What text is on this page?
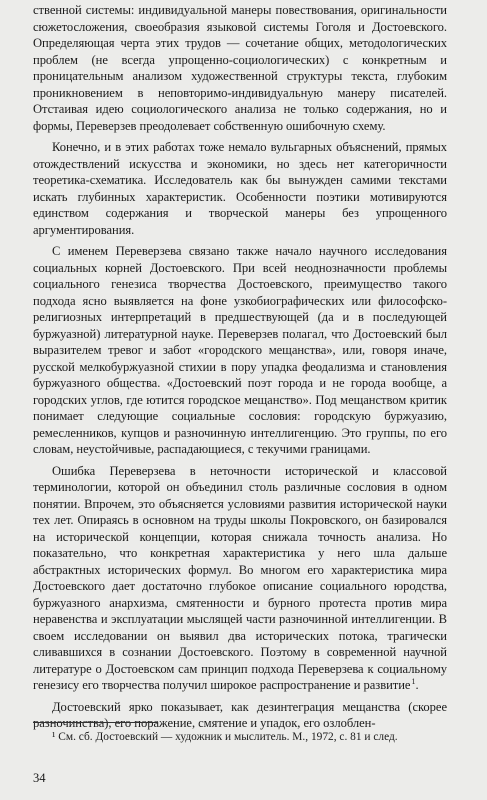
ственной системы: индивидуальной манеры повествования, оригинальности сюжетосложения, своеобразия языковой системы Гоголя и Достоевского. Определяющая черта этих трудов — сочетание общих, методологических проблем (не всегда упрощенно-социологических) с конкретным и проницательным анализом художественной структуры текста, глубоким проникновением в неповторимо-индивидуальную манеру писателей. Отстаивая идею социологического анализа не только содержания, но и формы, Переверзев преодолевает собственную ошибочную схему.

Конечно, и в этих работах тоже немало вульгарных объяснений, прямых отождествлений искусства и экономики, но здесь нет категоричности теоретика-схематика. Исследователь как бы вынужден самими текстами искать глубинных характеристик. Особенности поэтики мотивируются единством содержания и творческой манеры без упрощенного аргументирования.

С именем Переверзева связано также начало научного исследования социальных корней Достоевского. При всей неоднозначности проблемы социального генезиса творчества Достоевского, преимущество такого подхода ясно выявляется на фоне узкобиографических или философско-религиозных интерпретаций в предшествующей (да и в последующей буржуазной) литературной науке. Переверзев полагал, что Достоевский был выразителем тревог и забот «городского мещанства», или, говоря иначе, русской мелкобуржуазной стихии в пору упадка феодализма и становления буржуазного общества. «Достоевский поэт города и не города вообще, а городских углов, где ютится городское мещанство». Под мещанством критик понимает следующие социальные сословия: городскую буржуазию, ремесленников, купцов и разночинную интеллигенцию. Это группы, по его словам, неустойчивые, распадающиеся, с текучими границами.

Ошибка Переверзева в неточности исторической и классовой терминологии, которой он объединил столь различные сословия в одном понятии. Впрочем, это объясняется условиями развития исторической науки тех лет. Опираясь в основном на труды школы Покровского, он базировался на исторической концепции, которая снижала точность анализа. Но показательно, что конкретная характеристика у него шла дальше абстрактных исторических формул. Во многом его характеристика мира Достоевского дает достаточно глубокое описание социального юродства, буржуазного анархизма, смятенности и бурного протеста против мира неравенства и эксплуатации мыслящей части разночинной интеллигенции. В своем исследовании он выявил два исторических потока, трагически сливавшихся в сознании Достоевского. Поэтому в современной научной литературе о Достоевском сам принцип подхода Переверзева к социальному генезису его творчества получил широкое распространение и развитие $^1$.

Достоевский ярко показывает, как дезинтеграция мещанства (скорее разночинства), его поражение, смятение и упадок, его озлоблен-

¹ См. сб. Достоевский — художник и мыслитель. М., 1972, с. 81 и след.

34
